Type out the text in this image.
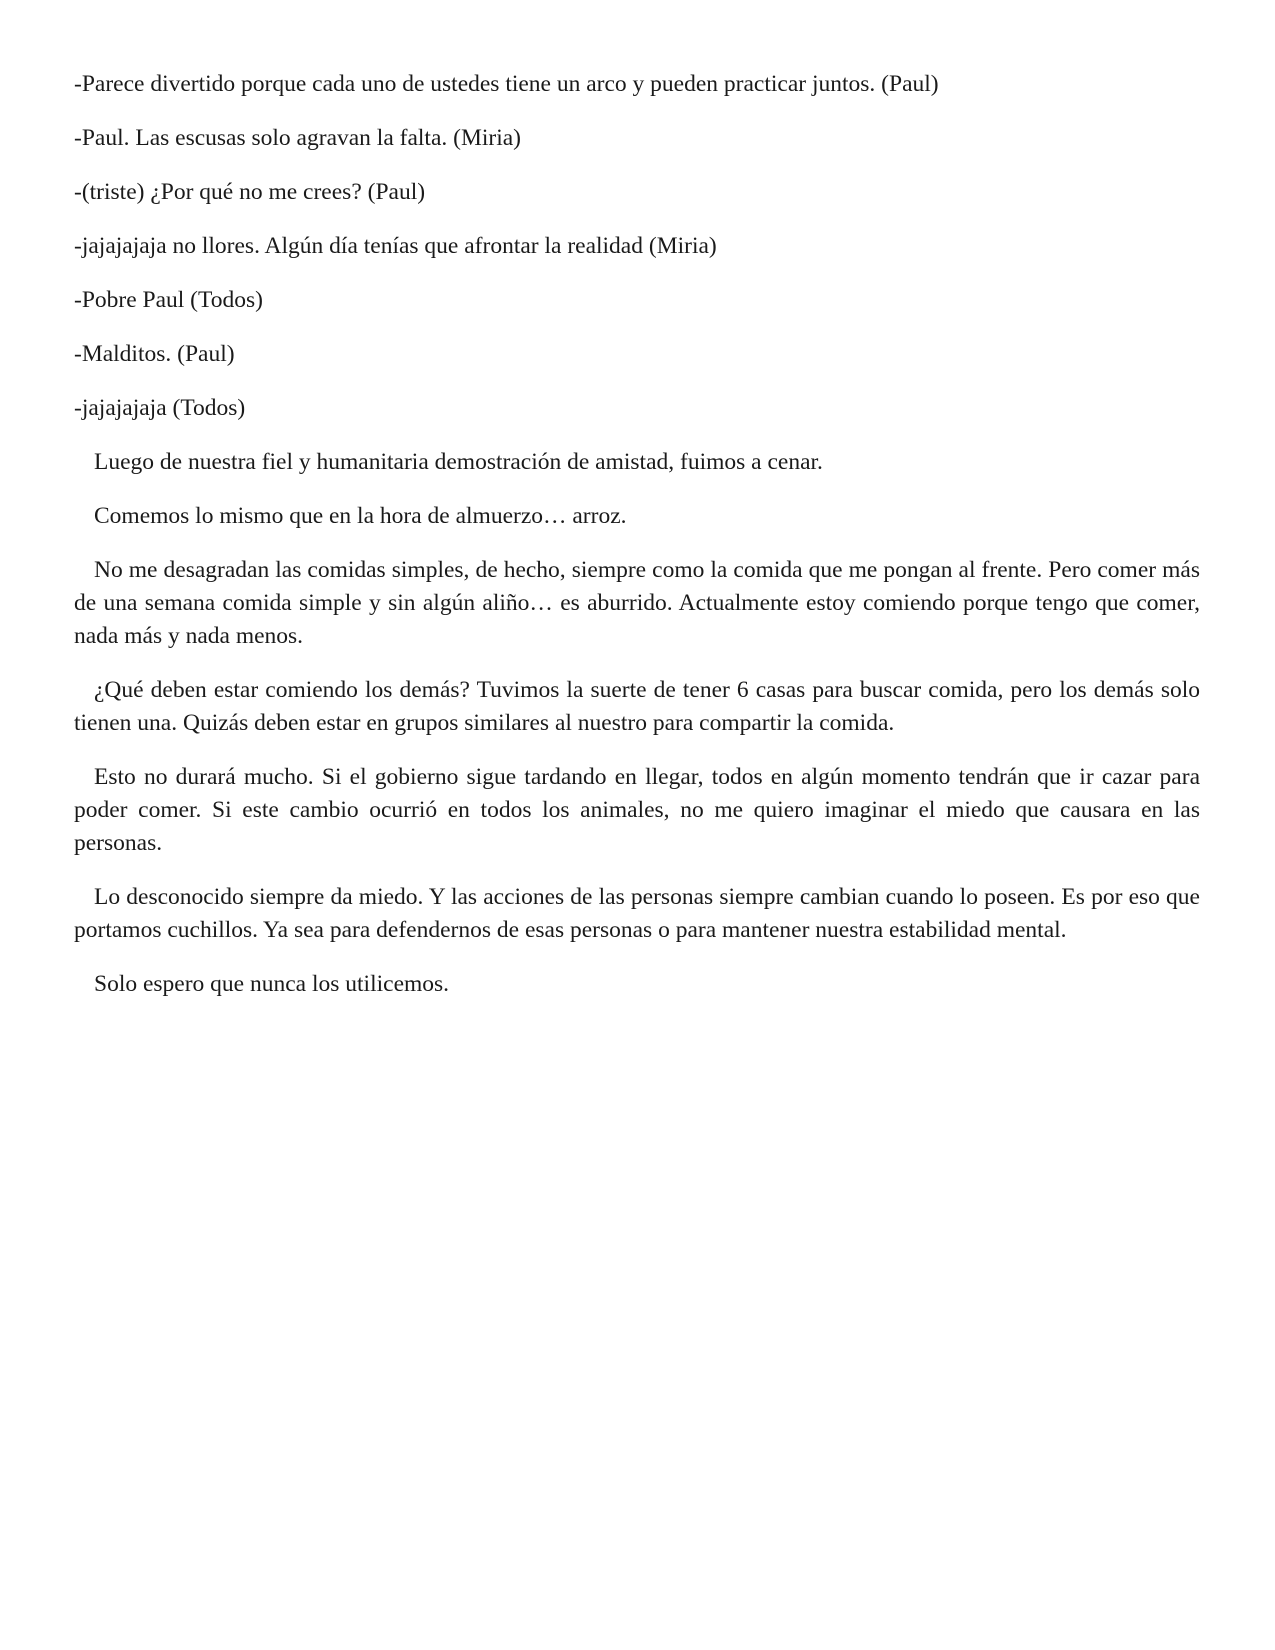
-Parece divertido porque cada uno de ustedes tiene un arco y pueden practicar juntos. (Paul)

-Paul. Las escusas solo agravan la falta. (Miria)

-(triste) ¿Por qué no me crees? (Paul)

-jajajajaja no llores. Algún día tenías que afrontar la realidad (Miria)

-Pobre Paul (Todos)

-Malditos. (Paul)

-jajajajaja (Todos)

Luego de nuestra fiel y humanitaria demostración de amistad, fuimos a cenar.

Comemos lo mismo que en la hora de almuerzo… arroz.

No me desagradan las comidas simples, de hecho, siempre como la comida que me pongan al frente. Pero comer más de una semana comida simple y sin algún aliño… es aburrido. Actualmente estoy comiendo porque tengo que comer, nada más y nada menos.

¿Qué deben estar comiendo los demás? Tuvimos la suerte de tener 6 casas para buscar comida, pero los demás solo tienen una. Quizás deben estar en grupos similares al nuestro para compartir la comida.

Esto no durará mucho. Si el gobierno sigue tardando en llegar, todos en algún momento tendrán que ir cazar para poder comer. Si este cambio ocurrió en todos los animales, no me quiero imaginar el miedo que causara en las personas.

Lo desconocido siempre da miedo. Y las acciones de las personas siempre cambian cuando lo poseen. Es por eso que portamos cuchillos. Ya sea para defendernos de esas personas o para mantener nuestra estabilidad mental.

Solo espero que nunca los utilicemos.
